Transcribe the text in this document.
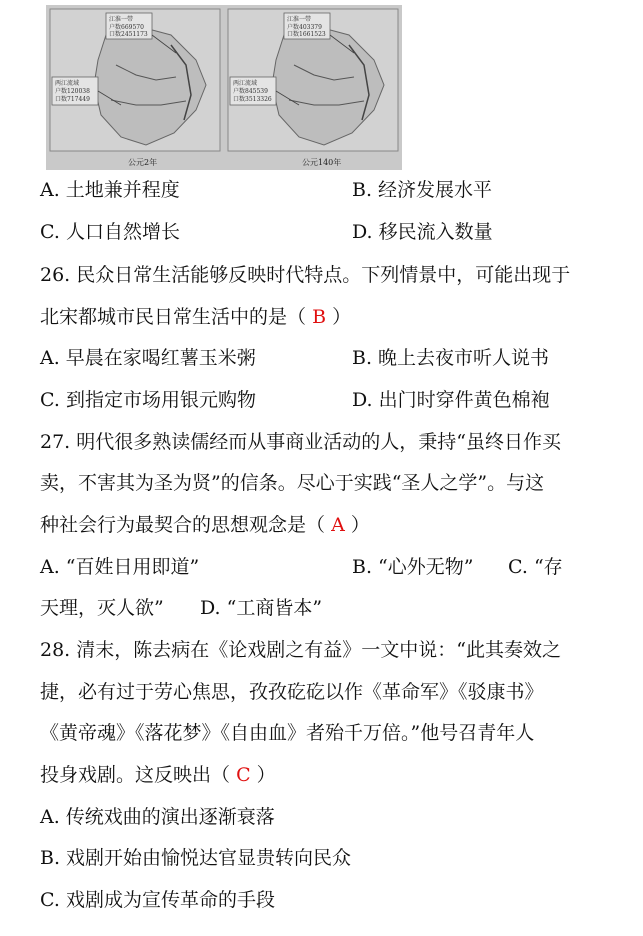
江淮一带
户数669570
口数2451173
两江流域
户数120038
口数717449
公元2年
江淮一带
户数403379
口数1661523
两江流域
户数845539
口数3513326
公元140年
A. 土地兼并程度	B. 经济发展水平
C. 人口自然增长	D. 移民流入数量
26. 民众日常生活能够反映时代特点。下列情景中，可能出现于
北宋都城市民日常生活中的是（ B ）
A. 早晨在家喝红薯玉米粥	B. 晚上去夜市听人说书
C. 到指定市场用银元购物	D. 出门时穿件黄色棉袍
27. 明代很多熟读儒经而从事商业活动的人，秉持“虽终日作买
卖，不害其为圣为贤”的信条。尽心于实践“圣人之学”。与这
种社会行为最契合的思想观念是（ A ）
A. “百姓日用即道”	B. “心外无物” C. “存
天理，灭人欲” D. “工商皆本”
28. 清末，陈去病在《论戏剧之有益》一文中说：“此其奏效之
捷，必有过于劳心焦思，孜孜矻矻以作《革命军》《驳康书》
《黄帝魂》《落花梦》《自由血》者殆千万倍。”他号召青年人
投身戏剧。这反映出（ C ）
A. 传统戏曲的演出逐渐衰落
B. 戏剧开始由愉悦达官显贵转向民众
C. 戏剧成为宣传革命的手段
